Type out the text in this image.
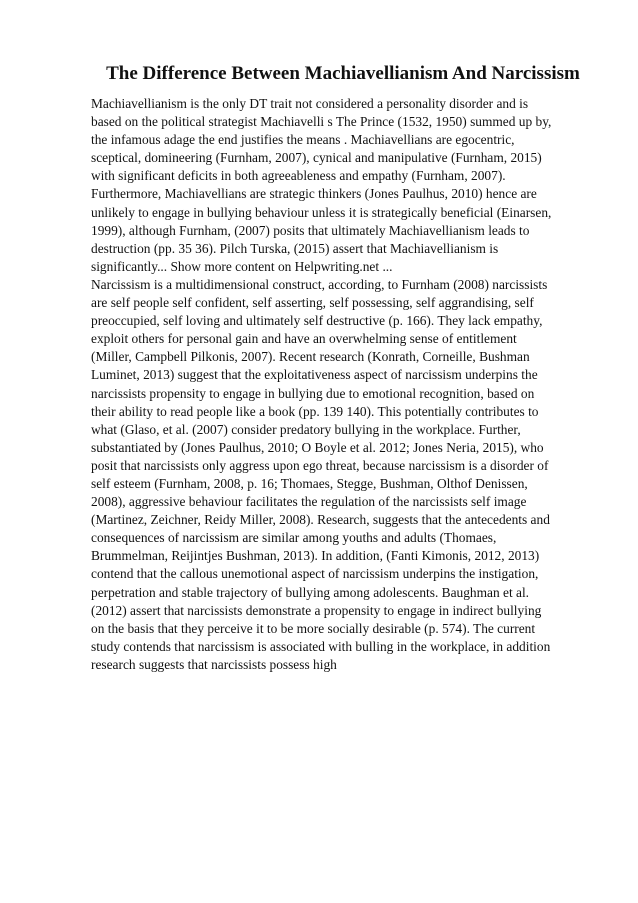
The Difference Between Machiavellianism And Narcissism
Machiavellianism is the only DT trait not considered a personality disorder and is
based on the political strategist Machiavelli s The Prince (1532, 1950) summed up by,
the infamous adage the end justifies the means . Machiavellians are egocentric,
sceptical, domineering (Furnham, 2007), cynical and manipulative (Furnham, 2015)
with significant deficits in both agreeableness and empathy (Furnham, 2007).
Furthermore, Machiavellians are strategic thinkers (Jones Paulhus, 2010) hence are
unlikely to engage in bullying behaviour unless it is strategically beneficial (Einarsen,
1999), although Furnham, (2007) posits that ultimately Machiavellianism leads to
destruction (pp. 35 36). Pilch Turska, (2015) assert that Machiavellianism is
significantly... Show more content on Helpwriting.net ...
Narcissism is a multidimensional construct, according, to Furnham (2008) narcissists
are self people self confident, self asserting, self possessing, self aggrandising, self
preoccupied, self loving and ultimately self destructive (p. 166). They lack empathy,
exploit others for personal gain and have an overwhelming sense of entitlement
(Miller, Campbell Pilkonis, 2007). Recent research (Konrath, Corneille, Bushman
Luminet, 2013) suggest that the exploitativeness aspect of narcissism underpins the
narcissists propensity to engage in bullying due to emotional recognition, based on
their ability to read people like a book (pp. 139 140). This potentially contributes to
what (Glaso, et al. (2007) consider predatory bullying in the workplace. Further,
substantiated by (Jones Paulhus, 2010; O Boyle et al. 2012; Jones Neria, 2015), who
posit that narcissists only aggress upon ego threat, because narcissism is a disorder of
self esteem (Furnham, 2008, p. 16; Thomaes, Stegge, Bushman, Olthof Denissen,
2008), aggressive behaviour facilitates the regulation of the narcissists self image
(Martinez, Zeichner, Reidy Miller, 2008). Research, suggests that the antecedents and
consequences of narcissism are similar among youths and adults (Thomaes,
Brummelman, Reijintjes Bushman, 2013). In addition, (Fanti Kimonis, 2012, 2013)
contend that the callous unemotional aspect of narcissism underpins the instigation,
perpetration and stable trajectory of bullying among adolescents. Baughman et al.
(2012) assert that narcissists demonstrate a propensity to engage in indirect bullying
on the basis that they perceive it to be more socially desirable (p. 574). The current
study contends that narcissism is associated with bulling in the workplace, in addition
research suggests that narcissists possess high
